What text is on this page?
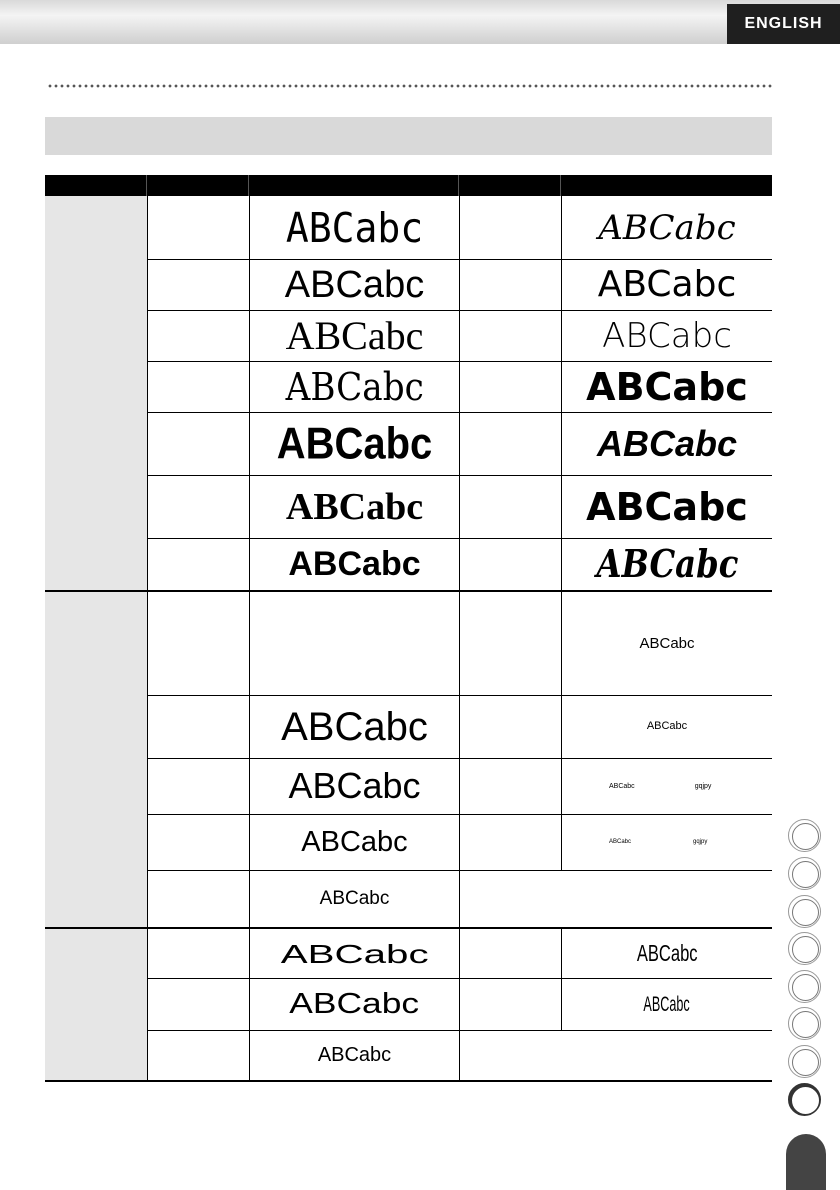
ENGLISH
ABCabc	ABCabc
ABCabc	ABCabc
ABCabc	ABCabc
ABCabc	ABCabc
ABCabc	ABCabc
ABCabc	ABCabc
ABCabc	ABCabc
ABCabc
ABCabc	ABCabc
ABCabc	ABCabc	gqjpy
ABCabc	ABCabc	gqjpy
ABCabc
ABCabc	ABCabc
ABCabc	ABCabc
ABCabc
